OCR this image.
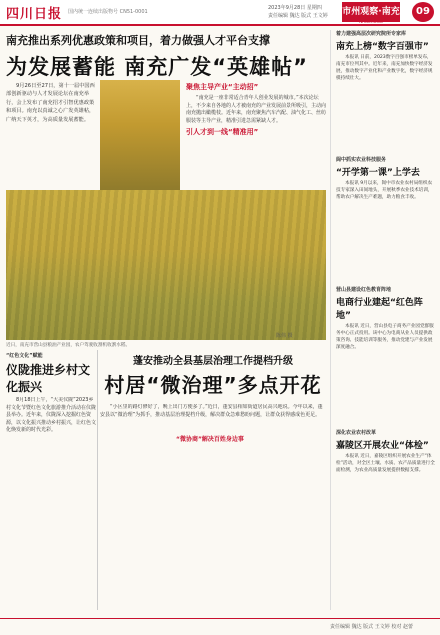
四川日报 国内统一连续出版物号 CN51-0001
2023年9月28日 星期四
责任编辑 魏达 版式 王文婷 市州观察·南充
NANCHONG
09
南充推出系列优惠政策和项目，着力做强人才平台支撑
为发展蓄能 南充广发“英雄帖”
9月26日至27日，第十一届中国西部创新驱动与人才发展论坛在南充举行，会上发布了南充招才引智优惠政策和项目。南充以真诚之心广发英雄帖，广纳天下英才，为高质量发展蓄能。
聚焦主导产业“主动招”
“南充是一座非常适合青年人创业发展的城市。”本次论坛上，不少来自各地的人才被南充的产业发展前景所吸引，主动向南充抛出橄榄枝。近年来，南充聚焦汽车汽配、油气化工、丝纺服装等主导产业，精准引进急需紧缺人才。
引人才到一线“精准用”
陈伟 摄
近日，南充市营山县粮油产业园，农户驾驶收割机收割水稻。
“红色文化”赋能
仪陇推进乡村文化振兴
8月18日上午，“大美仪陇”2023乡村文化节暨红色文化旅游推介活动在仪陇县举办。近年来，仪陇深入挖掘红色资源，以文化振兴推动乡村振兴，让红色文化焕发新的时代光彩。
蓬安推动全县基层治理工作提档升级
村居“微治理”多点开花
“小区里的路灯修好了，晚上出门方便多了。”近日，蓬安县相如街道居民高兴地说。今年以来，蓬安县以“微治理”为抓手，推动基层治理提档升级，解决群众急难愁盼问题，让群众获得感成色更足。
“微协商”解决百姓身边事
着力建强高层次研究院所专家库
南充上榜“数字百强市”
本报讯 日前，2023数字百强市榜单发布，南充市位列其中。近年来，南充加快数字经济发展，推动数字产业化和产业数字化，数字经济规模持续壮大。
阆中抓实农业科技服务
“开学第一课”上学去
本报讯 9月以来，阆中市农业农村局组织农技专家深入田间地头，开展秋季农业技术培训，帮助农户解决生产难题，助力粮食丰收。
营山县建设红色教育阵地
电商行业建起“红色阵地”
本报讯 近日，营山县电子商务产业园党群服务中心正式投用。该中心为电商从业人员提供政策咨询、技能培训等服务，推动党建与产业发展深度融合。
深化农业农村改革
嘉陵区开展农业“体检”
本报讯 近日，嘉陵区组织开展农业生产“体检”活动，对全区土壤、水质、农产品质量进行全面检测，为农业高质量发展提供数据支撑。
责任编辑 魏达 版式 王文婷 校对 赵蕾
